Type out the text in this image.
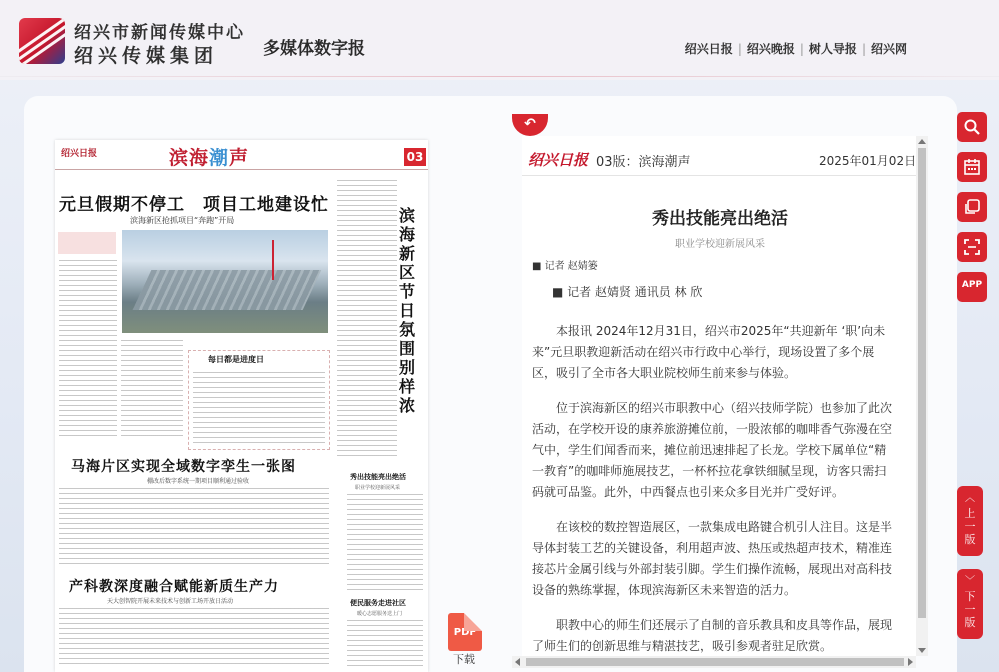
绍兴市新闻传媒中心
绍兴传媒集团	多媒体数字报	绍兴日报 | 绍兴晚报 | 树人导报 | 绍兴网
绍兴日报	滨海潮声	03
元旦假期不停工　项目工地建设忙
滨海新区抢抓项目“奔跑”开局	滨海新区节日氛围别样浓
每日都是进度日
马海片区实现全域数字孪生一张图
棚改后数字系统一期项目顺利通过验收
秀出技能亮出绝活
职业学校迎新展风采
产科教深度融合赋能新质生产力
天大创智院开展未来技术与创新工场开放日活动	便民服务走进社区
暖心志愿服务送上门
↶
绍兴日报 03版：滨海潮声	2025年01月02日
秀出技能亮出绝活
职业学校迎新展风采
■ 记者 赵婧篓

■ 记者 赵婧贤 通讯员 林 欣

本报讯 2024年12月31日，绍兴市2025年“共迎新年 ‘职’向未来”元旦职教迎新活动在绍兴市行政中心举行，现场设置了多个展区，吸引了全市各大职业院校师生前来参与体验。

位于滨海新区的绍兴市职教中心（绍兴技师学院）也参加了此次活动，在学校开设的康养旅游摊位前，一股浓郁的咖啡香气弥漫在空气中，学生们闻香而来，摊位前迅速排起了长龙。学校下属单位“精一教育”的咖啡师施展技艺，一杯杯拉花拿铁细腻呈现，访客只需扫码就可品鉴。此外，中西餐点也引来众多目光并广受好评。

在该校的数控智造展区，一款集成电路键合机引人注目。这是半导体封装工艺的关键设备，利用超声波、热压或热超声技术，精准连接芯片金属引线与外部封装引脚。学生们操作流畅，展现出对高科技设备的熟练掌握，体现滨海新区未来智造的活力。

职教中心的师生们还展示了自制的音乐教具和皮具等作品，展现了师生们的创新思维与精湛技艺，吸引参观者驻足欣赏。

PDF
下载
APP
︿
上一版
﹀
下一版
